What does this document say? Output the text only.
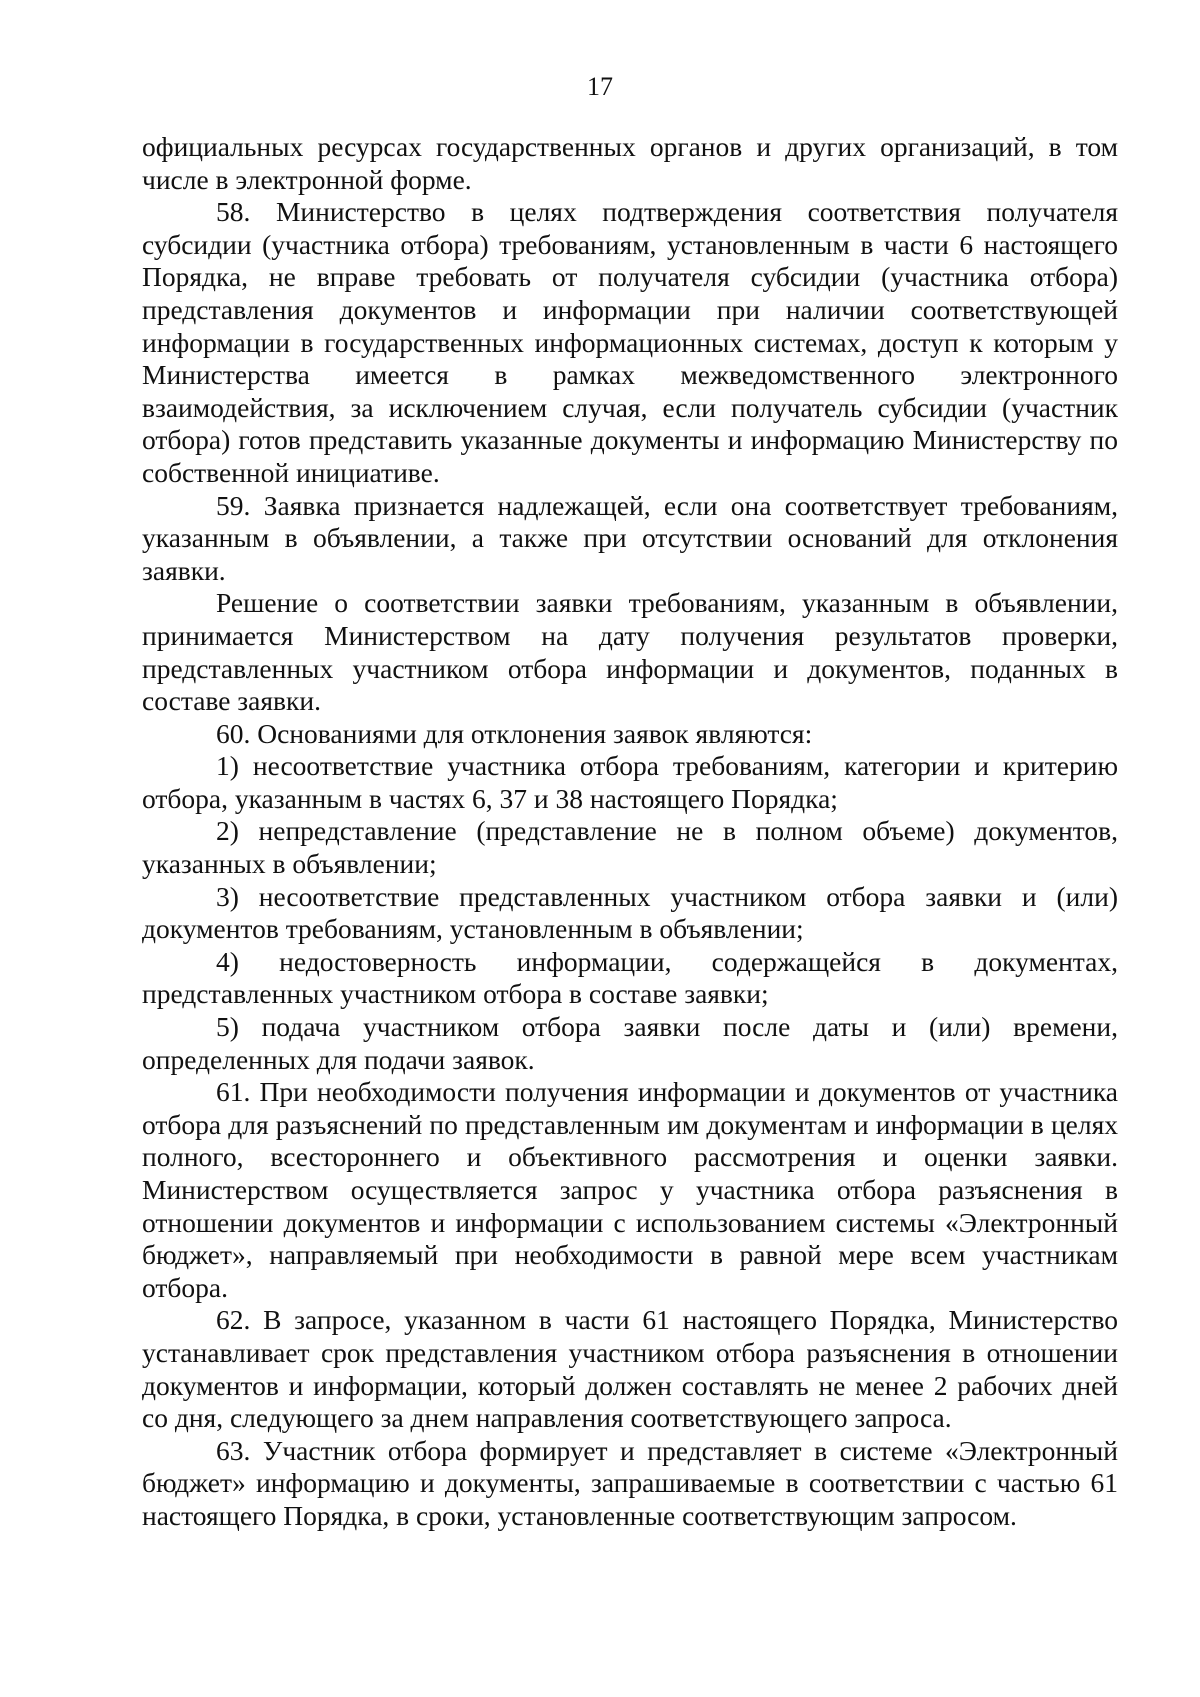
17

официальных ресурсах государственных органов и других организаций, в том числе в электронной форме.

58. Министерство в целях подтверждения соответствия получателя субсидии (участника отбора) требованиям, установленным в части 6 настоящего Порядка, не вправе требовать от получателя субсидии (участника отбора) представления документов и информации при наличии соответствующей информации в государственных информационных системах, доступ к которым у Министерства имеется в рамках межведомственного электронного взаимодействия, за исключением случая, если получатель субсидии (участник отбора) готов представить указанные документы и информацию Министерству по собственной инициативе.

59. Заявка признается надлежащей, если она соответствует требованиям, указанным в объявлении, а также при отсутствии оснований для отклонения заявки.

Решение о соответствии заявки требованиям, указанным в объявлении, принимается Министерством на дату получения результатов проверки, представленных участником отбора информации и документов, поданных в составе заявки.

60. Основаниями для отклонения заявок являются:

1) несоответствие участника отбора требованиям, категории и критерию отбора, указанным в частях 6, 37 и 38 настоящего Порядка;

2) непредставление (представление не в полном объеме) документов, указанных в объявлении;

3) несоответствие представленных участником отбора заявки и (или) документов требованиям, установленным в объявлении;

4) недостоверность информации, содержащейся в документах, представленных участником отбора в составе заявки;

5) подача участником отбора заявки после даты и (или) времени, определенных для подачи заявок.

61. При необходимости получения информации и документов от участника отбора для разъяснений по представленным им документам и информации в целях полного, всестороннего и объективного рассмотрения и оценки заявки. Министерством осуществляется запрос у участника отбора разъяснения в отношении документов и информации с использованием системы «Электронный бюджет», направляемый при необходимости в равной мере всем участникам отбора.

62. В запросе, указанном в части 61 настоящего Порядка, Министерство устанавливает срок представления участником отбора разъяснения в отношении документов и информации, который должен составлять не менее 2 рабочих дней со дня, следующего за днем направления соответствующего запроса.

63. Участник отбора формирует и представляет в системе «Электронный бюджет» информацию и документы, запрашиваемые в соответствии с частью 61 настоящего Порядка, в сроки, установленные соответствующим запросом.
